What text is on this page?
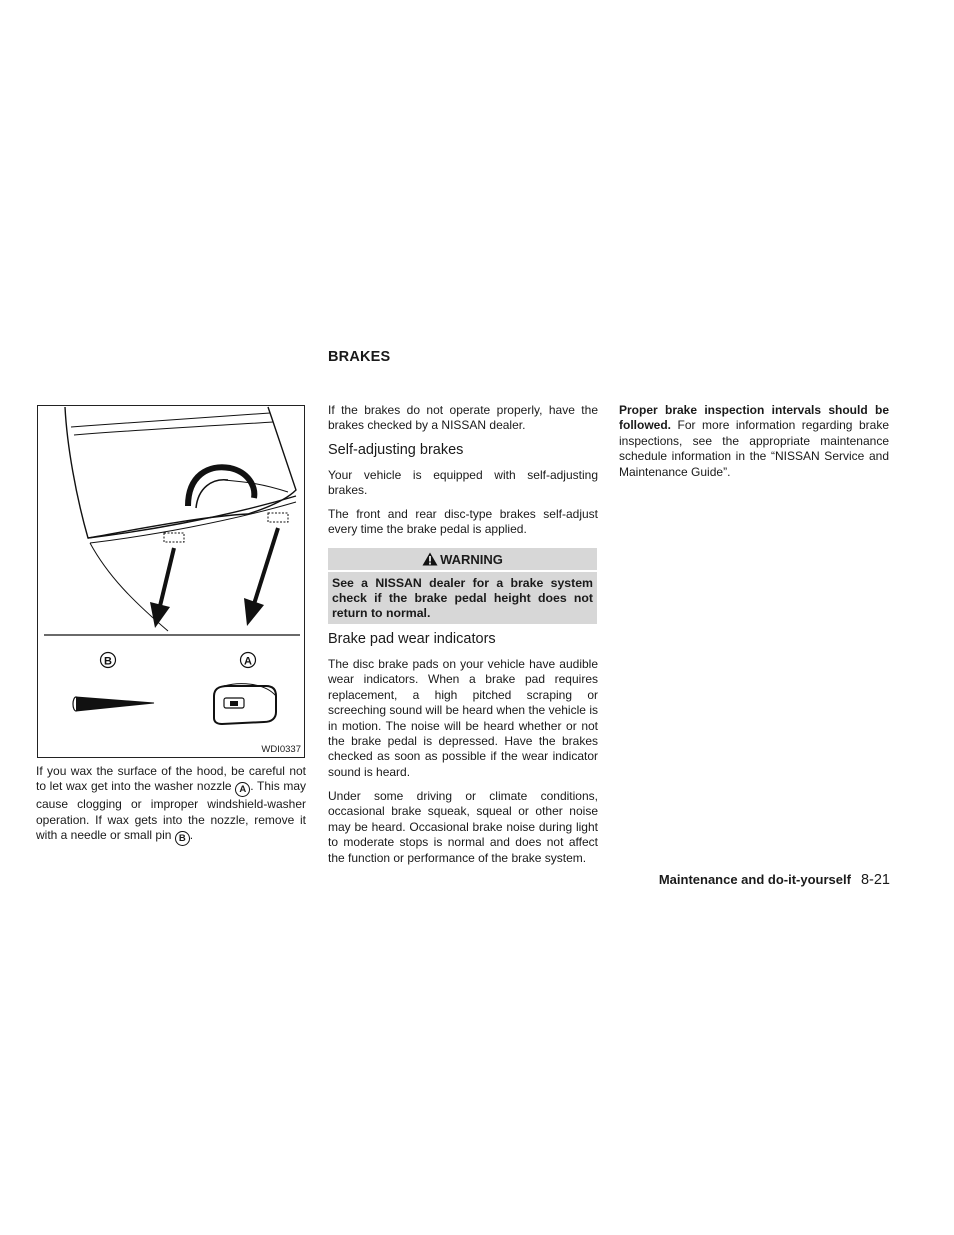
BRAKES
B	A
WDI0337

If you wax the surface of the hood, be careful not to let wax get into the washer nozzle A . This may cause clogging or improper windshield-washer operation. If wax gets into the nozzle, remove it with a needle or small pin B .

If the brakes do not operate properly, have the brakes checked by a NISSAN dealer.

Self-adjusting brakes

Your vehicle is equipped with self-adjusting brakes.

The front and rear disc-type brakes self-adjust every time the brake pedal is applied.

WARNING
See a NISSAN dealer for a brake system check if the brake pedal height does not return to normal.
Brake pad wear indicators

The disc brake pads on your vehicle have audible wear indicators. When a brake pad requires replacement, a high pitched scraping or screeching sound will be heard when the vehicle is in motion. The noise will be heard whether or not the brake pedal is depressed. Have the brakes checked as soon as possible if the wear indicator sound is heard.

Under some driving or climate conditions, occasional brake squeak, squeal or other noise may be heard. Occasional brake noise during light to moderate stops is normal and does not affect the function or performance of the brake system.

Proper brake inspection intervals should be followed. For more information regarding brake inspections, see the appropriate maintenance schedule information in the “NISSAN Service and Maintenance Guide”.

Maintenance and do-it-yourself 8-21
